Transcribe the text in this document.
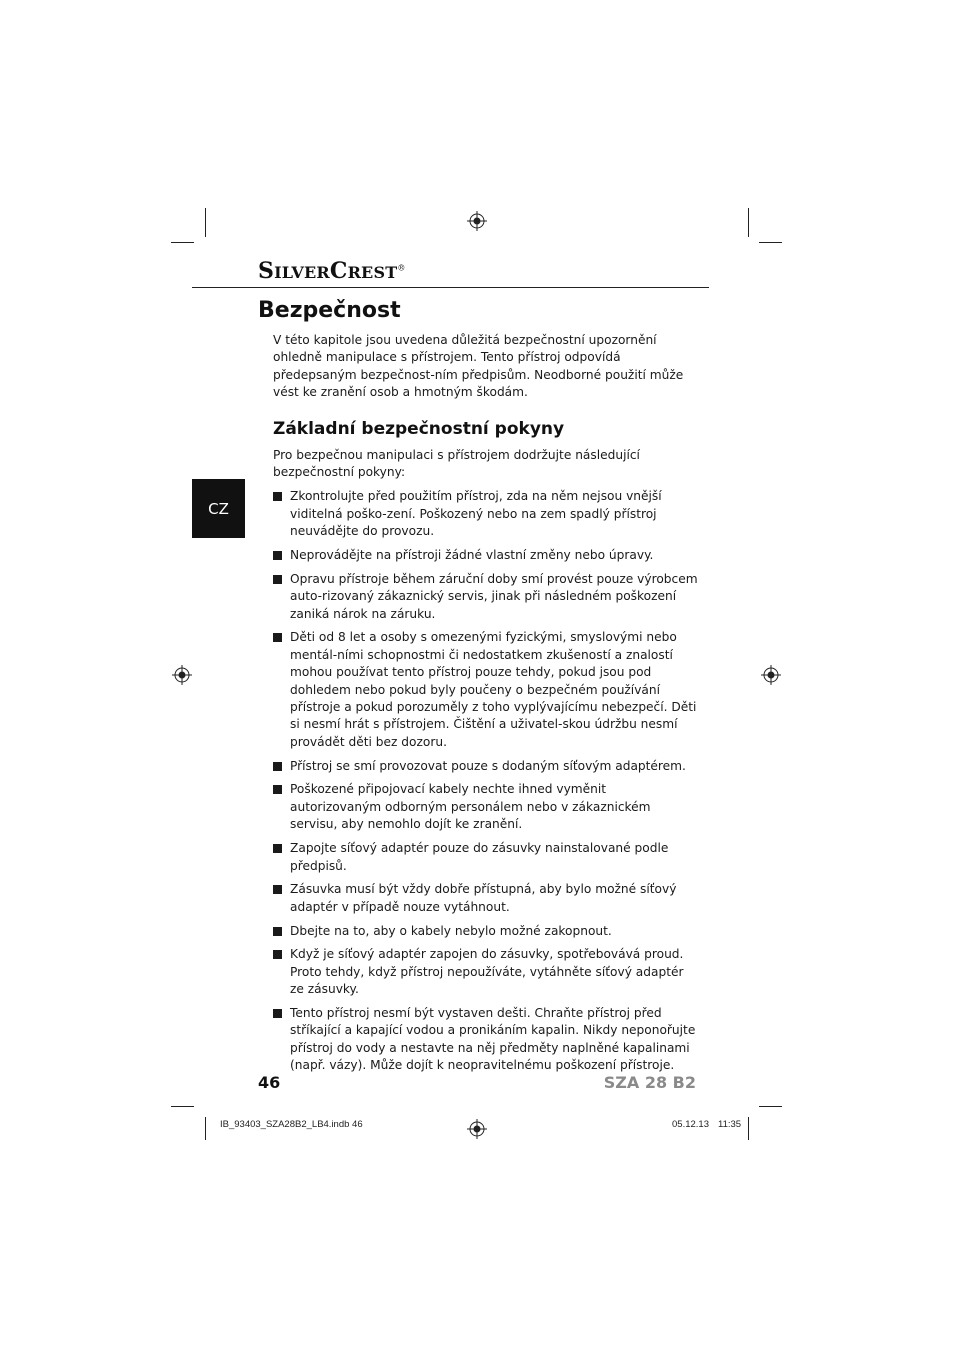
SILVERCREST®
Bezpečnost

V této kapitole jsou uvedena důležitá bezpečnostní upozornění ohledně manipulace s přístrojem. Tento přístroj odpovídá předepsaným bezpečnost-ním předpisům. Neodborné použití může vést ke zranění osob a hmotným škodám.

Základní bezpečnostní pokyny

Pro bezpečnou manipulaci s přístrojem dodržujte následující bezpečnostní pokyny:

Zkontrolujte před použitím přístroj, zda na něm nejsou vnější viditelná poško-zení. Poškozený nebo na zem spadlý přístroj neuvádějte do provozu.
Neprovádějte na přístroji žádné vlastní změny nebo úpravy.
Opravu přístroje během záruční doby smí provést pouze výrobcem auto-rizovaný zákaznický servis, jinak při následném poškození zaniká nárok na záruku.
Děti od 8 let a osoby s omezenými fyzickými, smyslovými nebo mentál-ními schopnostmi či nedostatkem zkušeností a znalostí mohou používat tento přístroj pouze tehdy, pokud jsou pod dohledem nebo pokud byly poučeny o bezpečném používání přístroje a pokud porozuměly z toho vyplývajícímu nebezpečí. Děti si nesmí hrát s přístrojem. Čištění a uživatel-skou údržbu nesmí provádět děti bez dozoru.
Přístroj se smí provozovat pouze s dodaným síťovým adaptérem.
Poškozené připojovací kabely nechte ihned vyměnit autorizovaným odborným personálem nebo v zákaznickém servisu, aby nemohlo dojít ke zranění.
Zapojte síťový adaptér pouze do zásuvky nainstalované podle předpisů.
Zásuvka musí být vždy dobře přístupná, aby bylo možné síťový adaptér v případě nouze vytáhnout.
Dbejte na to, aby o kabely nebylo možné zakopnout.
Když je síťový adaptér zapojen do zásuvky, spotřebovává proud. Proto tehdy, když přístroj nepoužíváte, vytáhněte síťový adaptér ze zásuvky.
Tento přístroj nesmí být vystaven dešti. Chraňte přístroj před stříkající a kapající vodou a pronikáním kapalin. Nikdy neponořujte přístroj do vody a nestavte na něj předměty naplněné kapalinami (např. vázy). Může dojít k neopravitelnému poškození přístroje.
CZ
46	SZA 28 B2
IB_93403_SZA28B2_LB4.indb 46	05.12.13 11:35
